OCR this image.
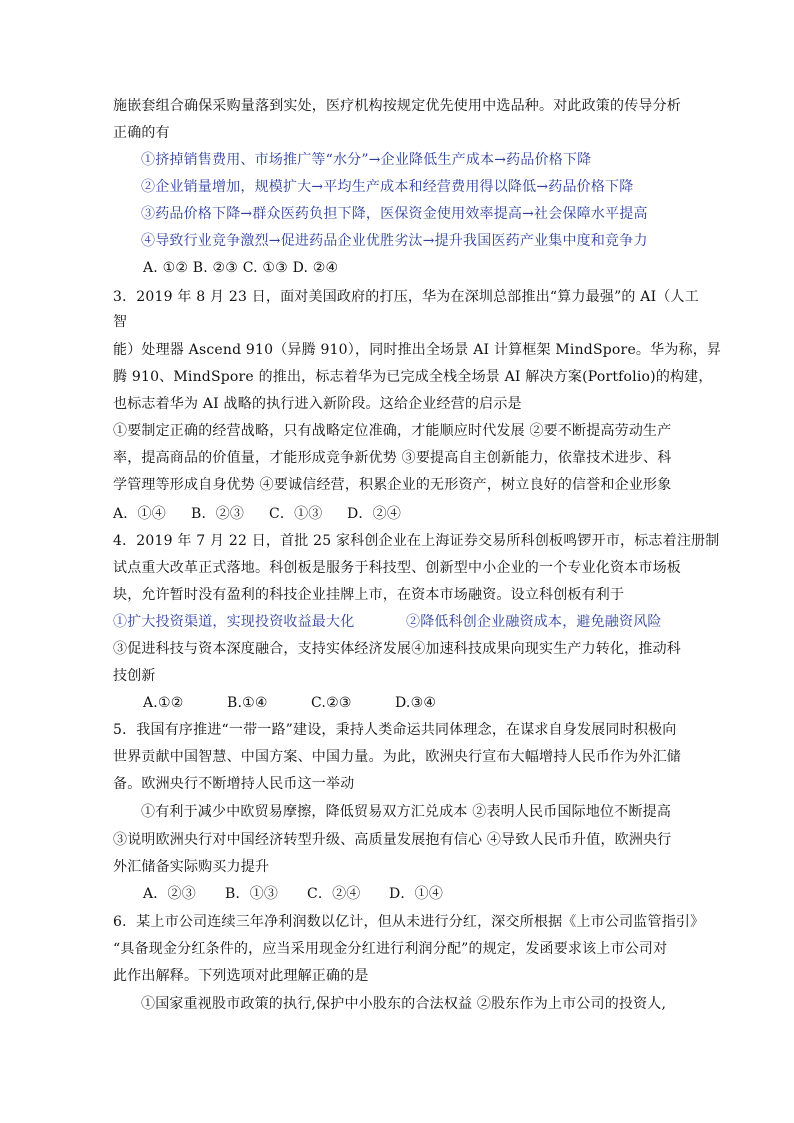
施嵌套组合确保采购量落到实处，医疗机构按规定优先使用中选品种。对此政策的传导分析
正确的有
①挤掉销售费用、市场推广等“水分”→企业降低生产成本→药品价格下降
②企业销量增加，规模扩大→平均生产成本和经营费用得以降低→药品价格下降
③药品价格下降→群众医药负担下降，医保资金使用效率提高→社会保障水平提高
④导致行业竞争激烈→促进药品企业优胜劣汰→提升我国医药产业集中度和竞争力
A. ①② B. ②③ C. ①③ D. ②④
3．2019 年 8 月 23 日，面对美国政府的打压，华为在深圳总部推出“算力最强”的 AI（人工
智
能）处理器 Ascend 910（异腾 910），同时推出全场景 AI 计算框架 MindSpore。华为称，昇
腾 910、MindSpore 的推出，标志着华为已完成全栈全场景 AI 解决方案(Portfolio)的构建，
也标志着华为 AI 战略的执行进入新阶段。这给企业经营的启示是
①要制定正确的经营战略，只有战略定位准确，才能顺应时代发展 ②要不断提高劳动生产
率，提高商品的价值量，才能形成竞争新优势 ③要提高自主创新能力，依靠技术进步、科
学管理等形成自身优势 ④要诚信经营，积累企业的无形资产，树立良好的信誉和企业形象
A．①④ B．②③ C．①③ D．②④
4．2019 年 7 月 22 日，首批 25 家科创企业在上海证券交易所科创板鸣锣开市，标志着注册制
试点重大改革正式落地。科创板是服务于科技型、创新型中小企业的一个专业化资本市场板
块，允许暂时没有盈利的科技企业挂牌上市，在资本市场融资。设立科创板有利于
①扩大投资渠道，实现投资收益最大化	②降低科创企业融资成本，避免融资风险
③促进科技与资本深度融合，支持实体经济发展④加速科技成果向现实生产力转化，推动科
技创新
A.①②	B.①④	C.②③	D.③④
5．我国有序推进“一带一路”建设，秉持人类命运共同体理念，在谋求自身发展同时积极向
世界贡献中国智慧、中国方案、中国力量。为此，欧洲央行宣布大幅增持人民币作为外汇储
备。欧洲央行不断增持人民币这一举动
①有利于减少中欧贸易摩擦，降低贸易双方汇兑成本 ②表明人民币国际地位不断提高
③说明欧洲央行对中国经济转型升级、高质量发展抱有信心 ④导致人民币升值，欧洲央行
外汇储备实际购买力提升
A．②③ B．①③ C．②④ D．①④
6．某上市公司连续三年净利润数以亿计，但从未进行分红，深交所根据《上市公司监管指引》
“具备现金分红条件的，应当采用现金分红进行利润分配”的规定，发函要求该上市公司对
此作出解释。下列选项对此理解正确的是
①国家重视股市政策的执行,保护中小股东的合法权益 ②股东作为上市公司的投资人,
